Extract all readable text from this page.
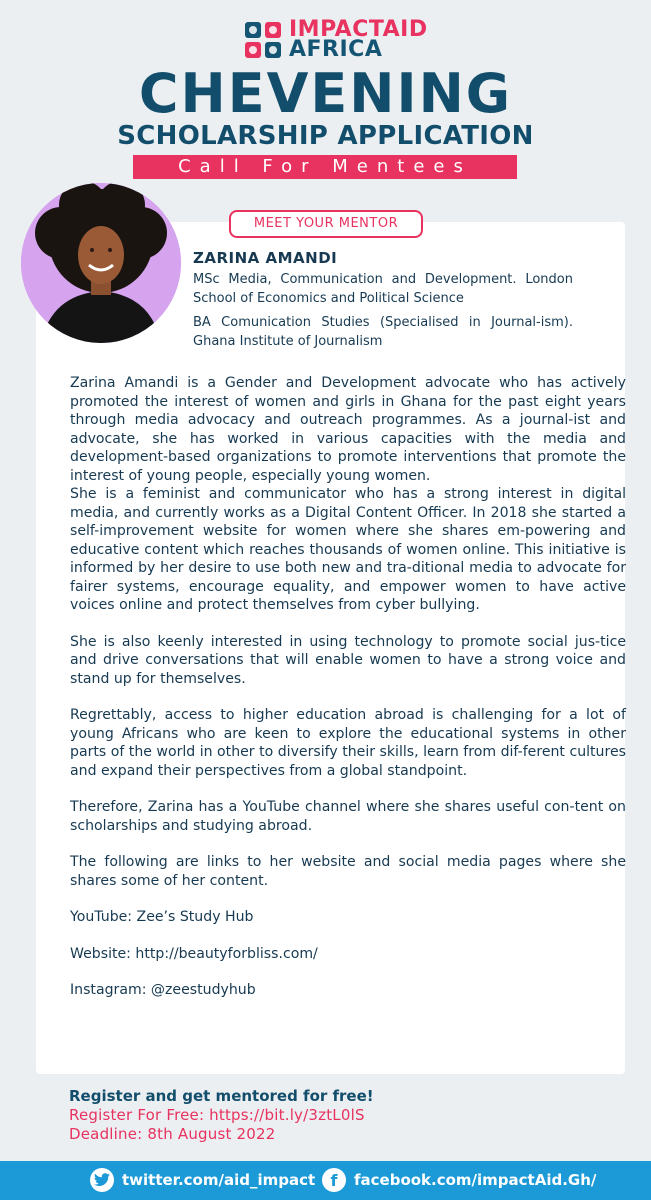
IMPACTAID
AFRICA
CHEVENING
SCHOLARSHIP APPLICATION
Call For Mentees
MEET YOUR MENTOR
ZARINA AMANDI

MSc Media, Communication and Development. London School of Economics and Political Science

BA Comunication Studies (Specialised in Journal-ism). Ghana Institute of Journalism

Zarina Amandi is a Gender and Development advocate who has actively promoted the interest of women and girls in Ghana for the past eight years through media advocacy and outreach programmes. As a journal-ist and advocate, she has worked in various capacities with the media and development-based organizations to promote interventions that promote the interest of young people, especially young women.

She is a feminist and communicator who has a strong interest in digital media, and currently works as a Digital Content Officer. In 2018 she started a self-improvement website for women where she shares em-powering and educative content which reaches thousands of women online. This initiative is informed by her desire to use both new and tra-ditional media to advocate for fairer systems, encourage equality, and empower women to have active voices online and protect themselves from cyber bullying.

She is also keenly interested in using technology to promote social jus-tice and drive conversations that will enable women to have a strong voice and stand up for themselves.

Regrettably, access to higher education abroad is challenging for a lot of young Africans who are keen to explore the educational systems in other parts of the world in other to diversify their skills, learn from dif-ferent cultures and expand their perspectives from a global standpoint.

Therefore, Zarina has a YouTube channel where she shares useful con-tent on scholarships and studying abroad.

The following are links to her website and social media pages where she shares some of her content.

YouTube: Zee’s Study Hub

Website: http://beautyforbliss.com/

Instagram: @zeestudyhub

Register and get mentored for free!
Register For Free: https://bit.ly/3ztL0lS
Deadline: 8th August 2022
twitter.com/aid_impact f	facebook.com/impactAid.Gh/
